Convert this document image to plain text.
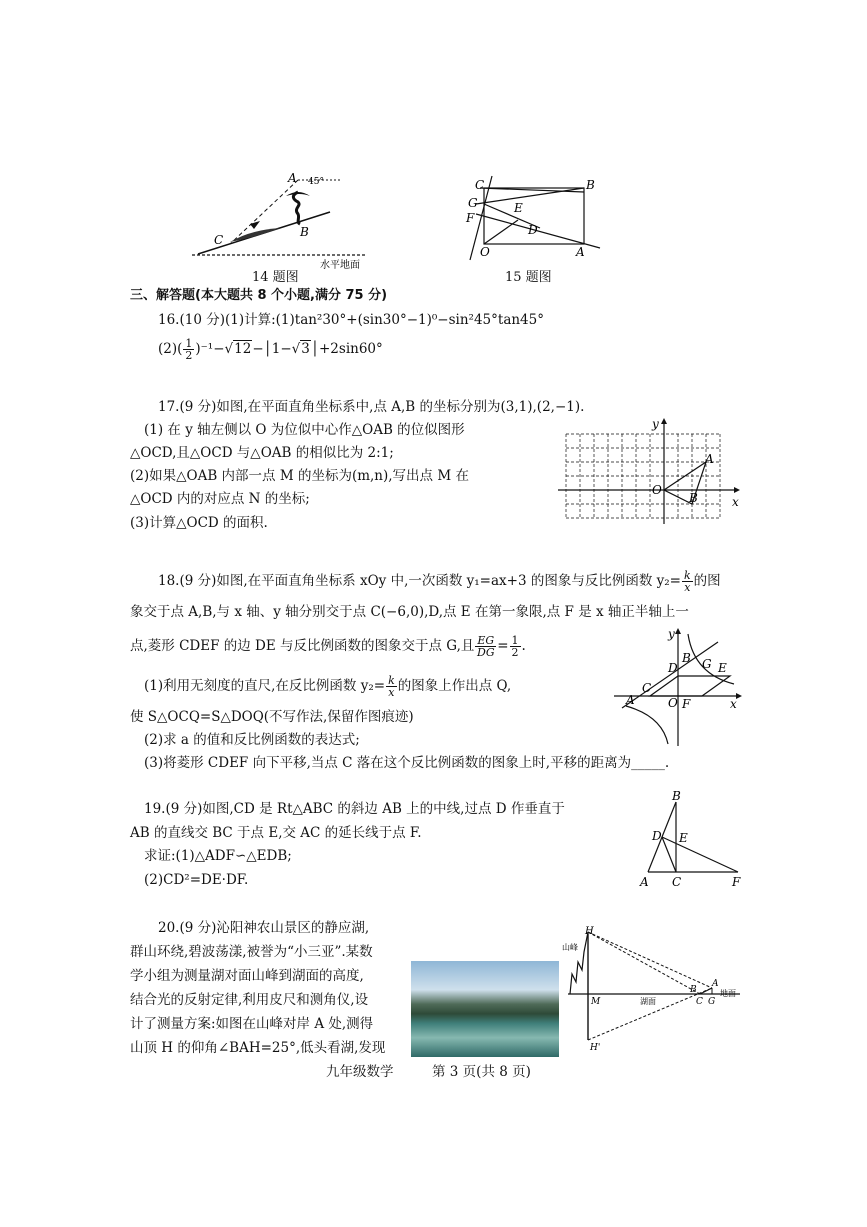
A 45°
B
C
水平地面
14 题图
C	B
G	E
F
D
O	A
15 题图
三、解答题(本大题共 8 个小题,满分 75 分)
16.(10 分)(1)计算:(1)tan²30°+(sin30°−1)⁰−sin²45°tan45°
$(2)( \frac{1}{2}$ )⁻¹−√12−│1−√3│+2sin60°
17.(9 分)如图,在平面直角坐标系中,点 A,B 的坐标分别为(3,1),(2,−1).
(1) 在 y 轴左侧以 O 为位似中心作△OAB 的位似图形
△OCD,且△OCD 与△OAB 的相似比为 2:1;
(2)如果△OAB 内部一点 M 的坐标为(m,n),写出点 M 在
△OCD 内的对应点 N 的坐标;
(3)计算△OCD 的面积.
y
x
O
A
B
18.(9 分)如图,在平面直角坐标系 xOy 中,一次函数 y₁=ax+3 的图象与反比例函数 $y_2= \frac{k}{x}$ 的图
象交于点 A,B,与 x 轴、y 轴分别交于点 C(−6,0),D,点 E 在第一象限,点 F 是 x 轴正半轴上一
点,菱形 CDEF 的边 DE 与反比例函数的图象交于点 G,且 $\frac{EG}{DG} = \frac{1}{2}$ .
(1)利用无刻度的直尺,在反比例函数 $y_2= \frac{k}{x}$ 的图象上作出点 Q,
使 S△OCQ=S△DOQ(不写作法,保留作图痕迹)
(2)求 a 的值和反比例函数的表达式;
(3)将菱形 CDEF 向下平移,当点 C 落在这个反比例函数的图象上时,平移的距离为_____.
y
x
O
A
B
C
D	E
F
G
19.(9 分)如图,CD 是 Rt△ABC 的斜边 AB 上的中线,过点 D 作垂直于
AB 的直线交 BC 于点 E,交 AC 的延长线于点 F.
求证:(1)△ADF∽△EDB;
(2)CD²=DE·DF.
B
D E
A C	F
20.(9 分)沁阳神农山景区的静应湖,
群山环绕,碧波荡漾,被誉为“小三亚”.某数
学小组为测量湖对面山峰到湖面的高度,
结合光的反射定律,利用皮尺和测角仪,设
计了测量方案:如图在山峰对岸 A 处,测得
山顶 H 的仰角∠BAH=25°,低头看湖,发现
H
山峰
M	湖面
B
C G
A
地面
H'
九年级数学	第 3 页(共 8 页)
